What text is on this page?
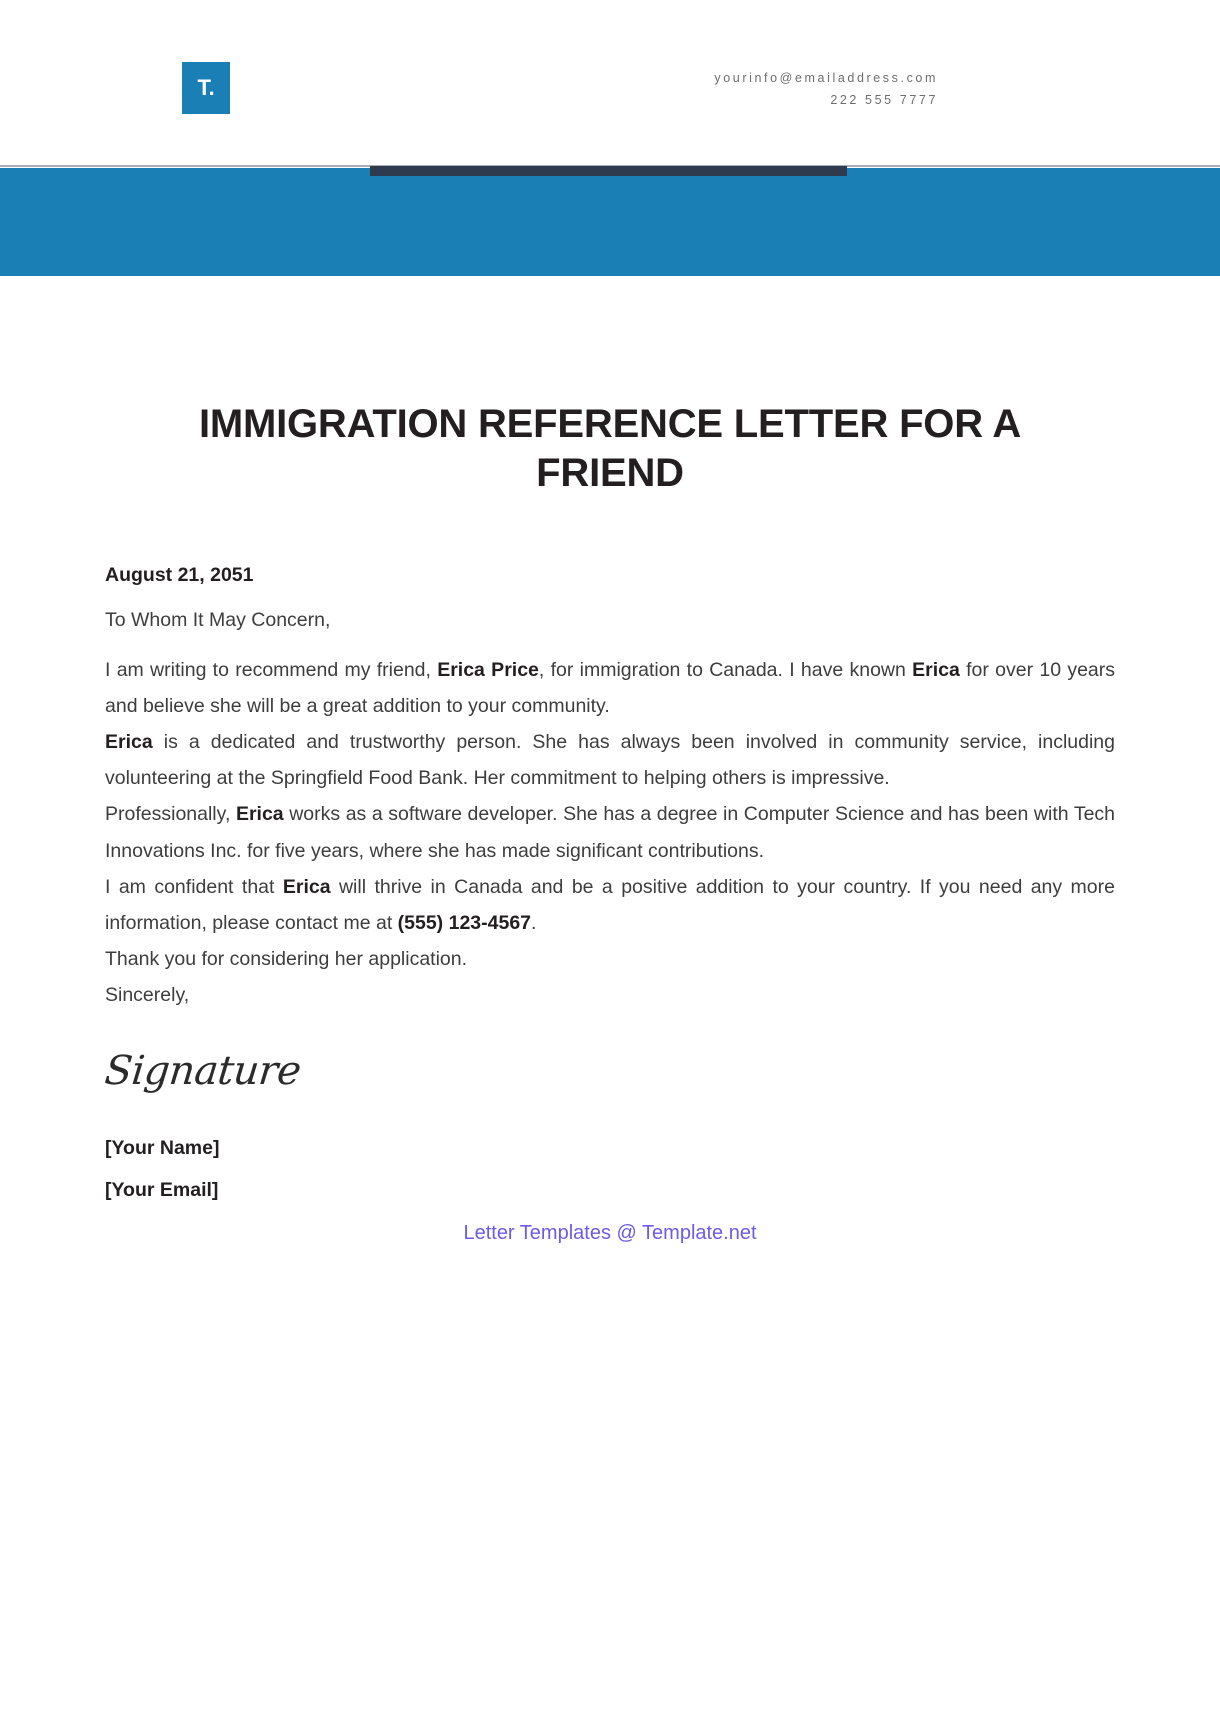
T.	yourinfo@emailaddress.com
222 555 7777
IMMIGRATION REFERENCE LETTER FOR A FRIEND
August 21, 2051
To Whom It May Concern,
I am writing to recommend my friend, Erica Price, for immigration to Canada. I have known Erica for over 10 years and believe she will be a great addition to your community.
Erica is a dedicated and trustworthy person. She has always been involved in community service, including volunteering at the Springfield Food Bank. Her commitment to helping others is impressive.
Professionally, Erica works as a software developer. She has a degree in Computer Science and has been with Tech Innovations Inc. for five years, where she has made significant contributions.
I am confident that Erica will thrive in Canada and be a positive addition to your country. If you need any more information, please contact me at (555) 123-4567.
Thank you for considering her application.
Sincerely,
Signature
[Your Name]
[Your Email]
Letter Templates @ Template.net
